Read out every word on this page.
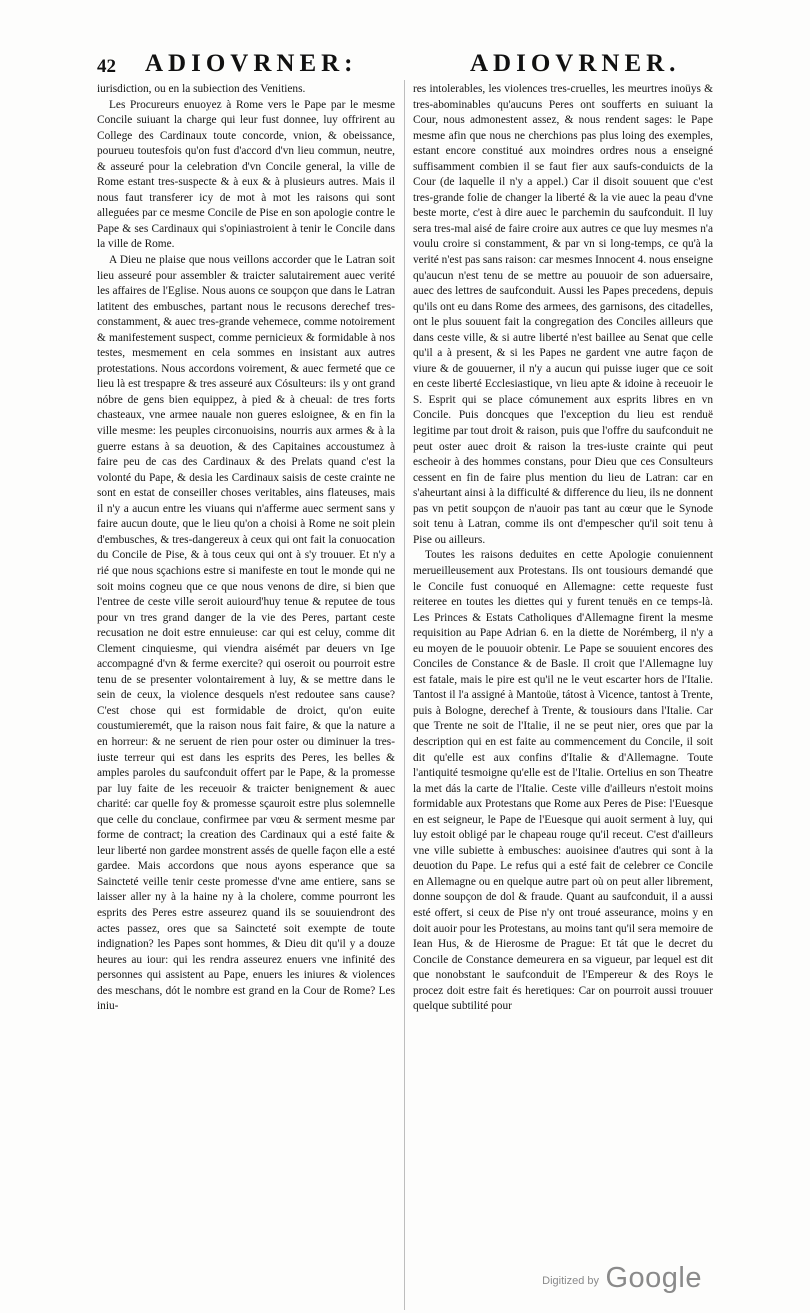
42 ADIOVRNER:	ADIOVRNER.

iurisdiction, ou en la subiection des Venitiens.

Les Procureurs enuoyez à Rome vers le Pape par le mesme Concile suiuant la charge qui leur fust donnee, luy offrirent au College des Cardinaux toute concorde, vnion, & obeissance, pourueu toutesfois qu'on fust d'accord d'vn lieu commun, neutre, & asseuré pour la celebration d'vn Concile general, la ville de Rome estant tres-suspecte & à eux & à plusieurs autres. Mais il nous faut transferer icy de mot à mot les raisons qui sont alleguées par ce mesme Concile de Pise en son apologie contre le Pape & ses Cardinaux qui s'opiniastroient à tenir le Concile dans la ville de Rome.

A Dieu ne plaise que nous veillons accorder que le Latran soit lieu asseuré pour assembler & traicter salutairement auec verité les affaires de l'Eglise. Nous auons ce soupçon que dans le Latran latitent des embusches, partant nous le recusons derechef tres-constamment, & auec tres-grande vehemece, comme notoirement & manifestement suspect, comme pernicieux & formidable à nos testes, mesmement en cela sommes en insistant aux autres protestations. Nous accordons voirement, & auec fermeté que ce lieu là est trespapre & tres asseuré aux Cósulteurs: ils y ont grand nóbre de gens bien equippez, à pied & à cheual: de tres forts chasteaux, vne armee nauale non gueres esloignee, & en fin la ville mesme: les peuples circonuoisins, nourris aux armes & à la guerre estans à sa deuotion, & des Capitaines accoustumez à faire peu de cas des Cardinaux & des Prelats quand c'est la volonté du Pape, & desia les Cardinaux saisis de ceste crainte ne sont en estat de conseiller choses veritables, ains flateuses, mais il n'y a aucun entre les viuans qui n'afferme auec serment sans y faire aucun doute, que le lieu qu'on a choisi à Rome ne soit plein d'embusches, & tres-dangereux à ceux qui ont fait la conuocation du Concile de Pise, & à tous ceux qui ont à s'y trouuer. Et n'y a rié que nous sçachions estre si manifeste en tout le monde qui ne soit moins cogneu que ce que nous venons de dire, si bien que l'entree de ceste ville seroit auiourd'huy tenue & reputee de tous pour vn tres grand danger de la vie des Peres, partant ceste recusation ne doit estre ennuieuse: car qui est celuy, comme dit Clement cinquiesme, qui viendra aisémét par deuers vn Ige accompagné d'vn & ferme exercite? qui oseroit ou pourroit estre tenu de se presenter volontairement à luy, & se mettre dans le sein de ceux, la violence desquels n'est redoutee sans cause? C'est chose qui est formidable de droict, qu'on euite coustumieremét, que la raison nous fait faire, & que la nature a en horreur: & ne seruent de rien pour oster ou diminuer la tres-iuste terreur qui est dans les esprits des Peres, les belles & amples paroles du saufconduit offert par le Pape, & la promesse par luy faite de les receuoir & traicter benignement & auec charité: car quelle foy & promesse sçauroit estre plus solemnelle que celle du conclaue, confirmee par vœu & serment mesme par forme de contract; la creation des Cardinaux qui a esté faite & leur liberté non gardee monstrent assés de quelle façon elle a esté gardee. Mais accordons que nous ayons esperance que sa Saincteté veille tenir ceste promesse d'vne ame entiere, sans se laisser aller ny à la haine ny à la cholere, comme pourront les esprits des Peres estre asseurez quand ils se souuiendront des actes passez, ores que sa Saincteté soit exempte de toute indignation? les Papes sont hommes, & Dieu dit qu'il y a douze heures au iour: qui les rendra asseurez enuers vne infinité des personnes qui assistent au Pape, enuers les iniures & violences des meschans, dót le nombre est grand en la Cour de Rome? Les iniu-

res intolerables, les violences tres-cruelles, les meurtres inoüys & tres-abominables qu'aucuns Peres ont soufferts en suiuant la Cour, nous admonestent assez, & nous rendent sages: le Pape mesme afin que nous ne cherchions pas plus loing des exemples, estant encore constitué aux moindres ordres nous a enseigné suffisamment combien il se faut fier aux saufs-conduicts de la Cour (de laquelle il n'y a appel.) Car il disoit souuent que c'est tres-grande folie de changer la liberté & la vie auec la peau d'vne beste morte, c'est à dire auec le parchemin du saufconduit. Il luy sera tres-mal aisé de faire croire aux autres ce que luy mesmes n'a voulu croire si constamment, & par vn si long-temps, ce qu'à la verité n'est pas sans raison: car mesmes Innocent 4. nous enseigne qu'aucun n'est tenu de se mettre au pouuoir de son aduersaire, auec des lettres de saufconduit. Aussi les Papes precedens, depuis qu'ils ont eu dans Rome des armees, des garnisons, des citadelles, ont le plus souuent fait la congregation des Conciles ailleurs que dans ceste ville, & si autre liberté n'est baillee au Senat que celle qu'il a à present, & si les Papes ne gardent vne autre façon de viure & de gouuerner, il n'y a aucun qui puisse iuger que ce soit en ceste liberté Ecclesiastique, vn lieu apte & idoine à receuoir le S. Esprit qui se place cómunement aux esprits libres en vn Concile. Puis doncques que l'exception du lieu est renduë legitime par tout droit & raison, puis que l'offre du saufconduit ne peut oster auec droit & raison la tres-iuste crainte qui peut escheoir à des hommes constans, pour Dieu que ces Consulteurs cessent en fin de faire plus mention du lieu de Latran: car en s'aheurtant ainsi à la difficulté & difference du lieu, ils ne donnent pas vn petit soupçon de n'auoir pas tant au cœur que le Synode soit tenu à Latran, comme ils ont d'empescher qu'il soit tenu à Pise ou ailleurs.

Toutes les raisons deduites en cette Apologie conuiennent merueilleusement aux Protestans. Ils ont tousiours demandé que le Concile fust conuoqué en Allemagne: cette requeste fust reiteree en toutes les diettes qui y furent tenuës en ce temps-là. Les Princes & Estats Catholiques d'Allemagne firent la mesme requisition au Pape Adrian 6. en la diette de Norémberg, il n'y a eu moyen de le pouuoir obtenir. Le Pape se souuient encores des Conciles de Constance & de Basle. Il croit que l'Allemagne luy est fatale, mais le pire est qu'il ne le veut escarter hors de l'Italie. Tantost il l'a assigné à Mantoüe, tátost à Vicence, tantost à Trente, puis à Bologne, derechef à Trente, & tousiours dans l'Italie. Car que Trente ne soit de l'Italie, il ne se peut nier, ores que par la description qui en est faite au commencement du Concile, il soit dit qu'elle est aux confins d'Italie & d'Allemagne. Toute l'antiquité tesmoigne qu'elle est de l'Italie. Ortelius en son Theatre la met dás la carte de l'Italie. Ceste ville d'ailleurs n'estoit moins formidable aux Protestans que Rome aux Peres de Pise: l'Euesque en est seigneur, le Pape de l'Euesque qui auoit serment à luy, qui luy estoit obligé par le chapeau rouge qu'il receut. C'est d'ailleurs vne ville subiette à embusches: auoisinee d'autres qui sont à la deuotion du Pape. Le refus qui a esté fait de celebrer ce Concile en Allemagne ou en quelque autre part où on peut aller librement, donne soupçon de dol & fraude. Quant au saufconduit, il a aussi esté offert, si ceux de Pise n'y ont troué asseurance, moins y en doit auoir pour les Protestans, au moins tant qu'il sera memoire de Iean Hus, & de Hierosme de Prague: Et tát que le decret du Concile de Constance demeurera en sa vigueur, par lequel est dit que nonobstant le saufconduit de l'Empereur & des Roys le procez doit estre fait és heretiques: Car on pourroit aussi trouuer quelque subtilité pour

Digitized by Google
